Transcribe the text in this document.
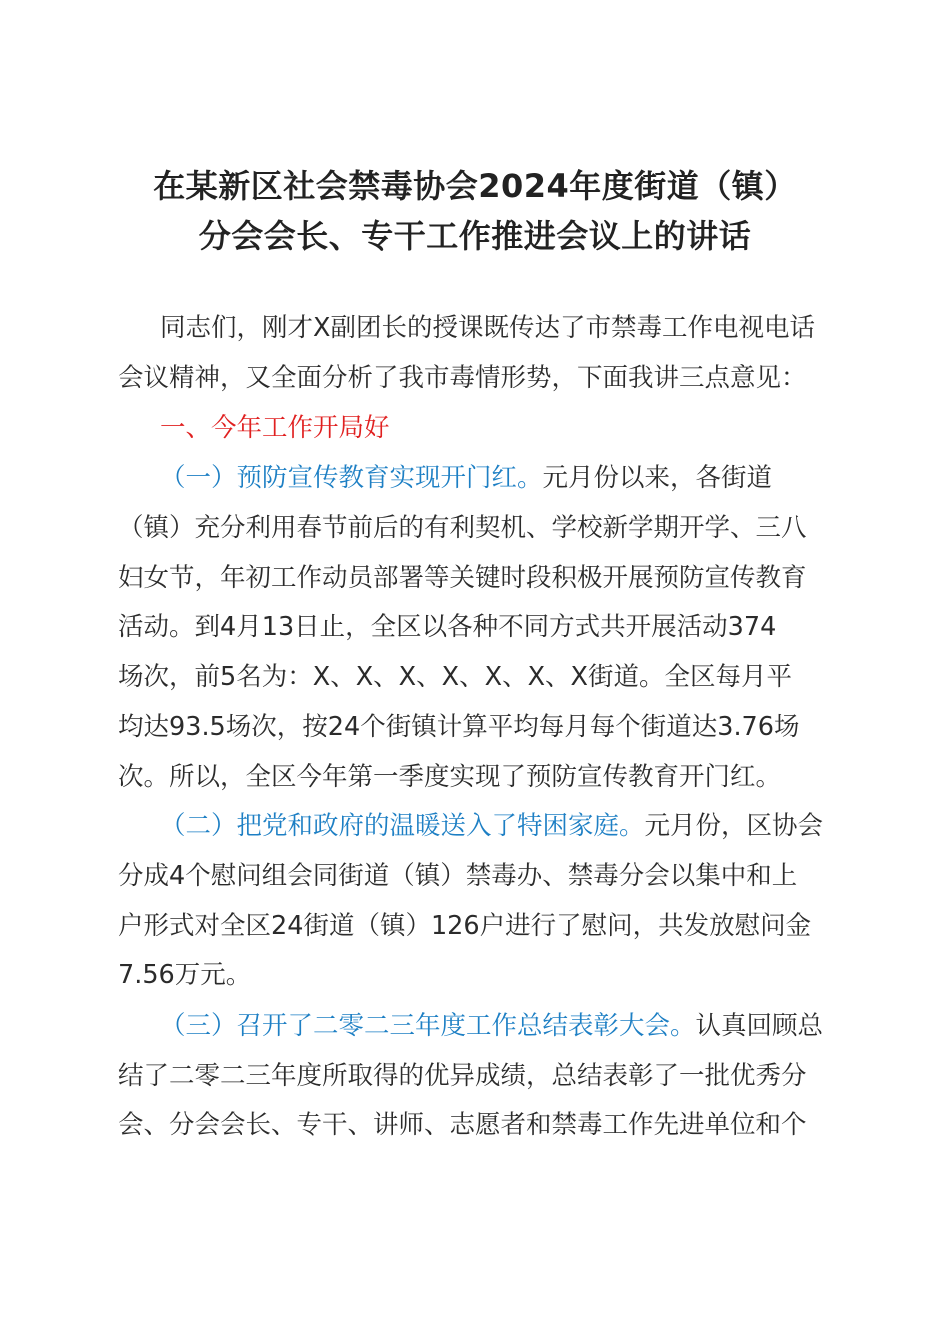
在某新区社会禁毒协会2024年度街道（镇）
分会会长、专干工作推进会议上的讲话
同志们，刚才X副团长的授课既传达了市禁毒工作电视电话
会议精神，又全面分析了我市毒情形势，下面我讲三点意见：
一、今年工作开局好
（一）预防宣传教育实现开门红。元月份以来，各街道
（镇）充分利用春节前后的有利契机、学校新学期开学、三八
妇女节，年初工作动员部署等关键时段积极开展预防宣传教育
活动。到4月13日止，全区以各种不同方式共开展活动374
场次，前5名为：X、X、X、X、X、X、X街道。全区每月平
均达93.5场次，按24个街镇计算平均每月每个街道达3.76场
次。所以，全区今年第一季度实现了预防宣传教育开门红。
（二）把党和政府的温暖送入了特困家庭。元月份，区协会
分成4个慰问组会同街道（镇）禁毒办、禁毒分会以集中和上
户形式对全区24街道（镇）126户进行了慰问，共发放慰问金
7.56万元。
（三）召开了二零二三年度工作总结表彰大会。认真回顾总
结了二零二三年度所取得的优异成绩，总结表彰了一批优秀分
会、分会会长、专干、讲师、志愿者和禁毒工作先进单位和个
